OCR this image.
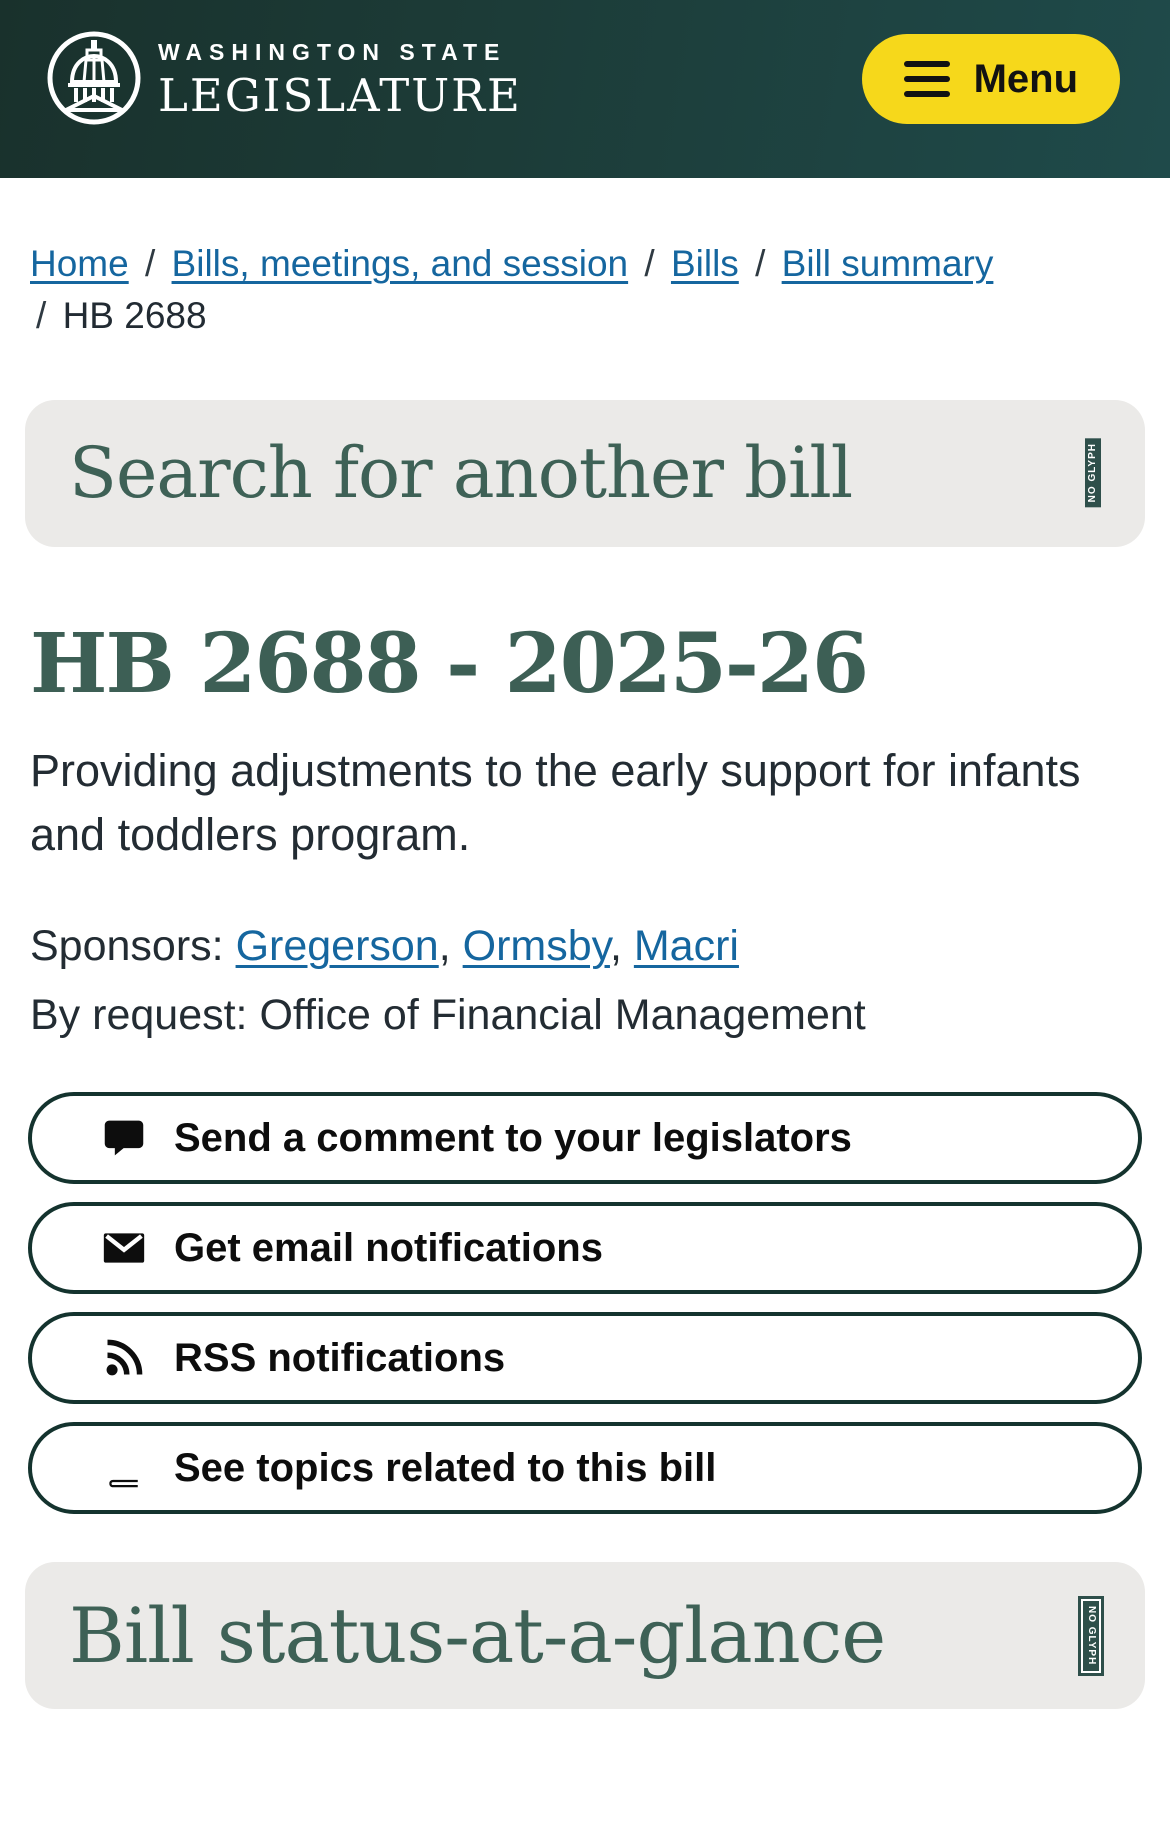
WASHINGTON STATE
LEGISLATURE	Menu
Home / Bills, meetings, and session / Bills / Bill summary / HB 2688
Search for another bill	NO GLYPH
HB 2688 - 2025-26

Providing adjustments to the early support for infants and toddlers program.

Sponsors: Gregerson, Ormsby, Macri

By request: Office of Financial Management

Send a comment to your legislators
Get email notifications
RSS notifications
See topics related to this bill
Bill status-at-a-glance	NO GLYPH
